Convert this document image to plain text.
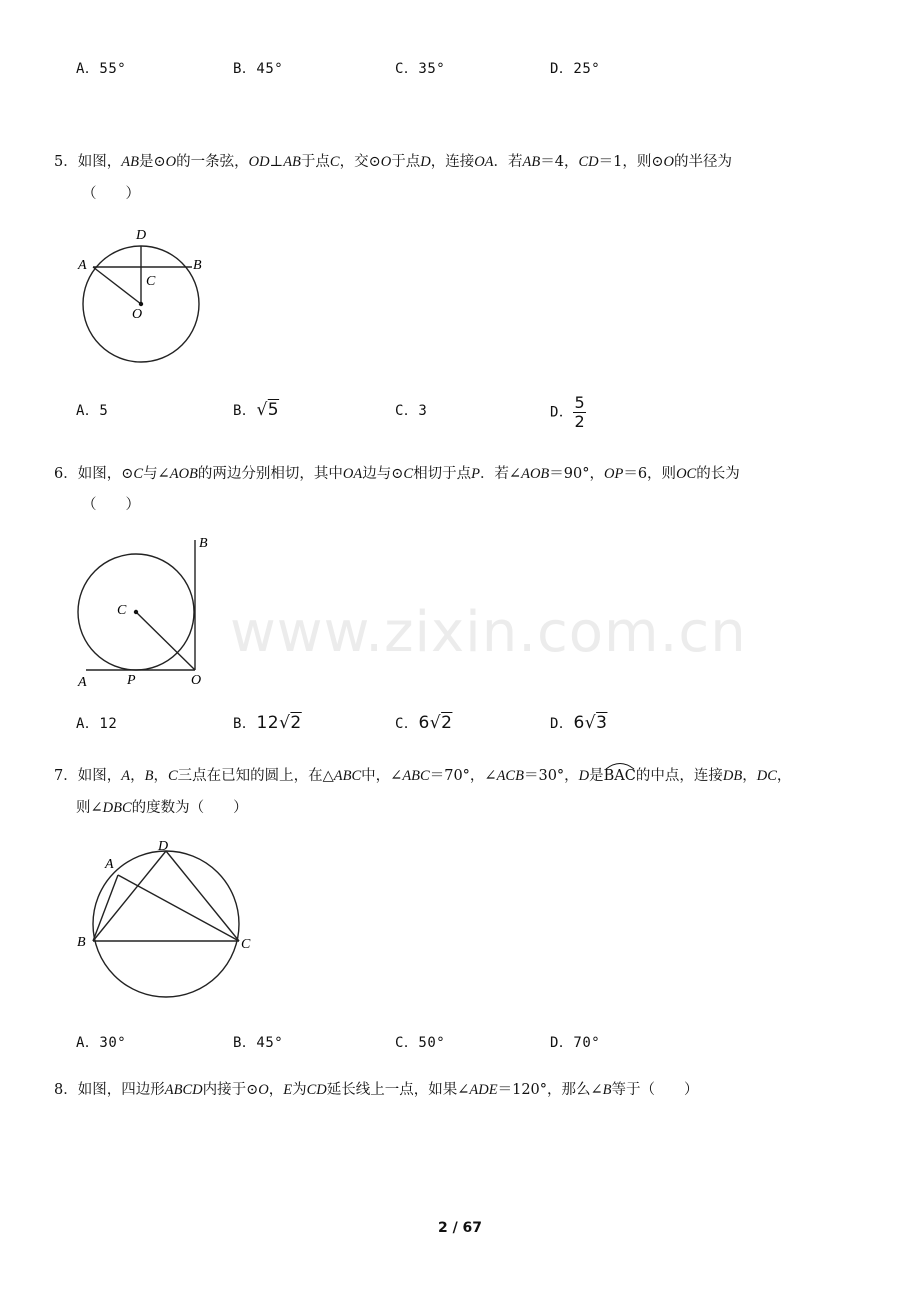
A．55°	B．45°	C．35°	D．25°
5．如图，AB是⊙O的一条弦，OD⊥AB于点C，交⊙O于点D，连接OA．若AB＝4，CD＝1，则⊙O的半径为
（　　）
D
A	B
C
O
A．5	B．√5	C．3	D． $\frac{5}{2}$
6．如图，⊙C与∠AOB的两边分别相切，其中OA边与⊙C相切于点P．若∠AOB＝90°，OP＝6，则OC的长为
（　　）
B
C
A	P	O
A．12	B．12√2	C．6√2	D．6√3
7．如图，A，B，C三点在已知的圆上，在△ABC中，∠ABC＝70°，∠ACB＝30°，D是
BAC的中点，连接DB，DC，
则∠DBC的度数为（　　）
A
D
B	C
A．30°	B．45°	C．50°	D．70°
8．如图，四边形ABCD内接于⊙O，E为CD延长线上一点，如果∠ADE＝120°，那么∠B等于（　　）
www.zixin.com.cn
2 / 67
